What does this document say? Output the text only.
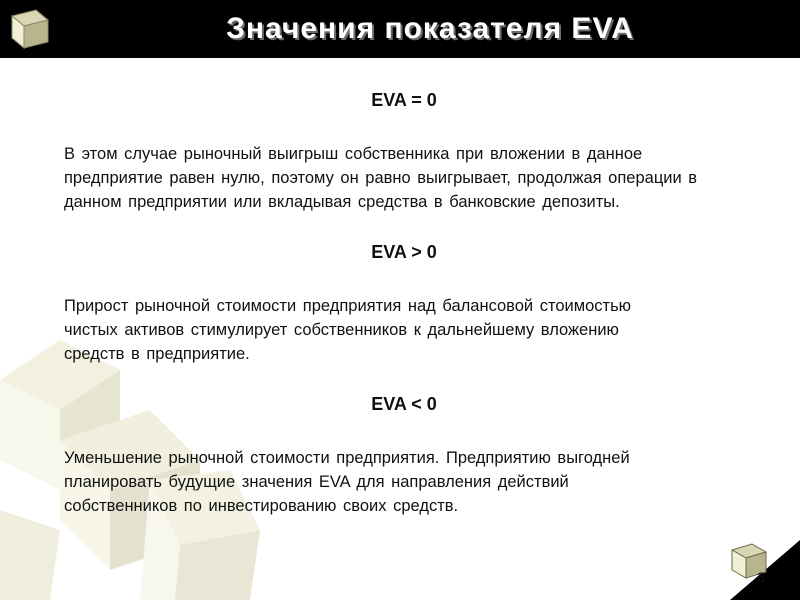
Значения показателя EVA
EVA = 0

В этом случае рыночный выигрыш собственника при вложении в данное предприятие равен нулю, поэтому он равно выигрывает, продолжая операции в данном предприятии или вкладывая средства в банковские депозиты.

EVA > 0

Прирост рыночной стоимости предприятия над балансовой стоимостью чистых активов стимулирует собственников к дальнейшему вложению средств в предприятие.

EVA < 0

Уменьшение рыночной стоимости предприятия. Предприятию выгодней планировать будущие значения EVA для направления действий собственников по инвестированию своих средств.

3
